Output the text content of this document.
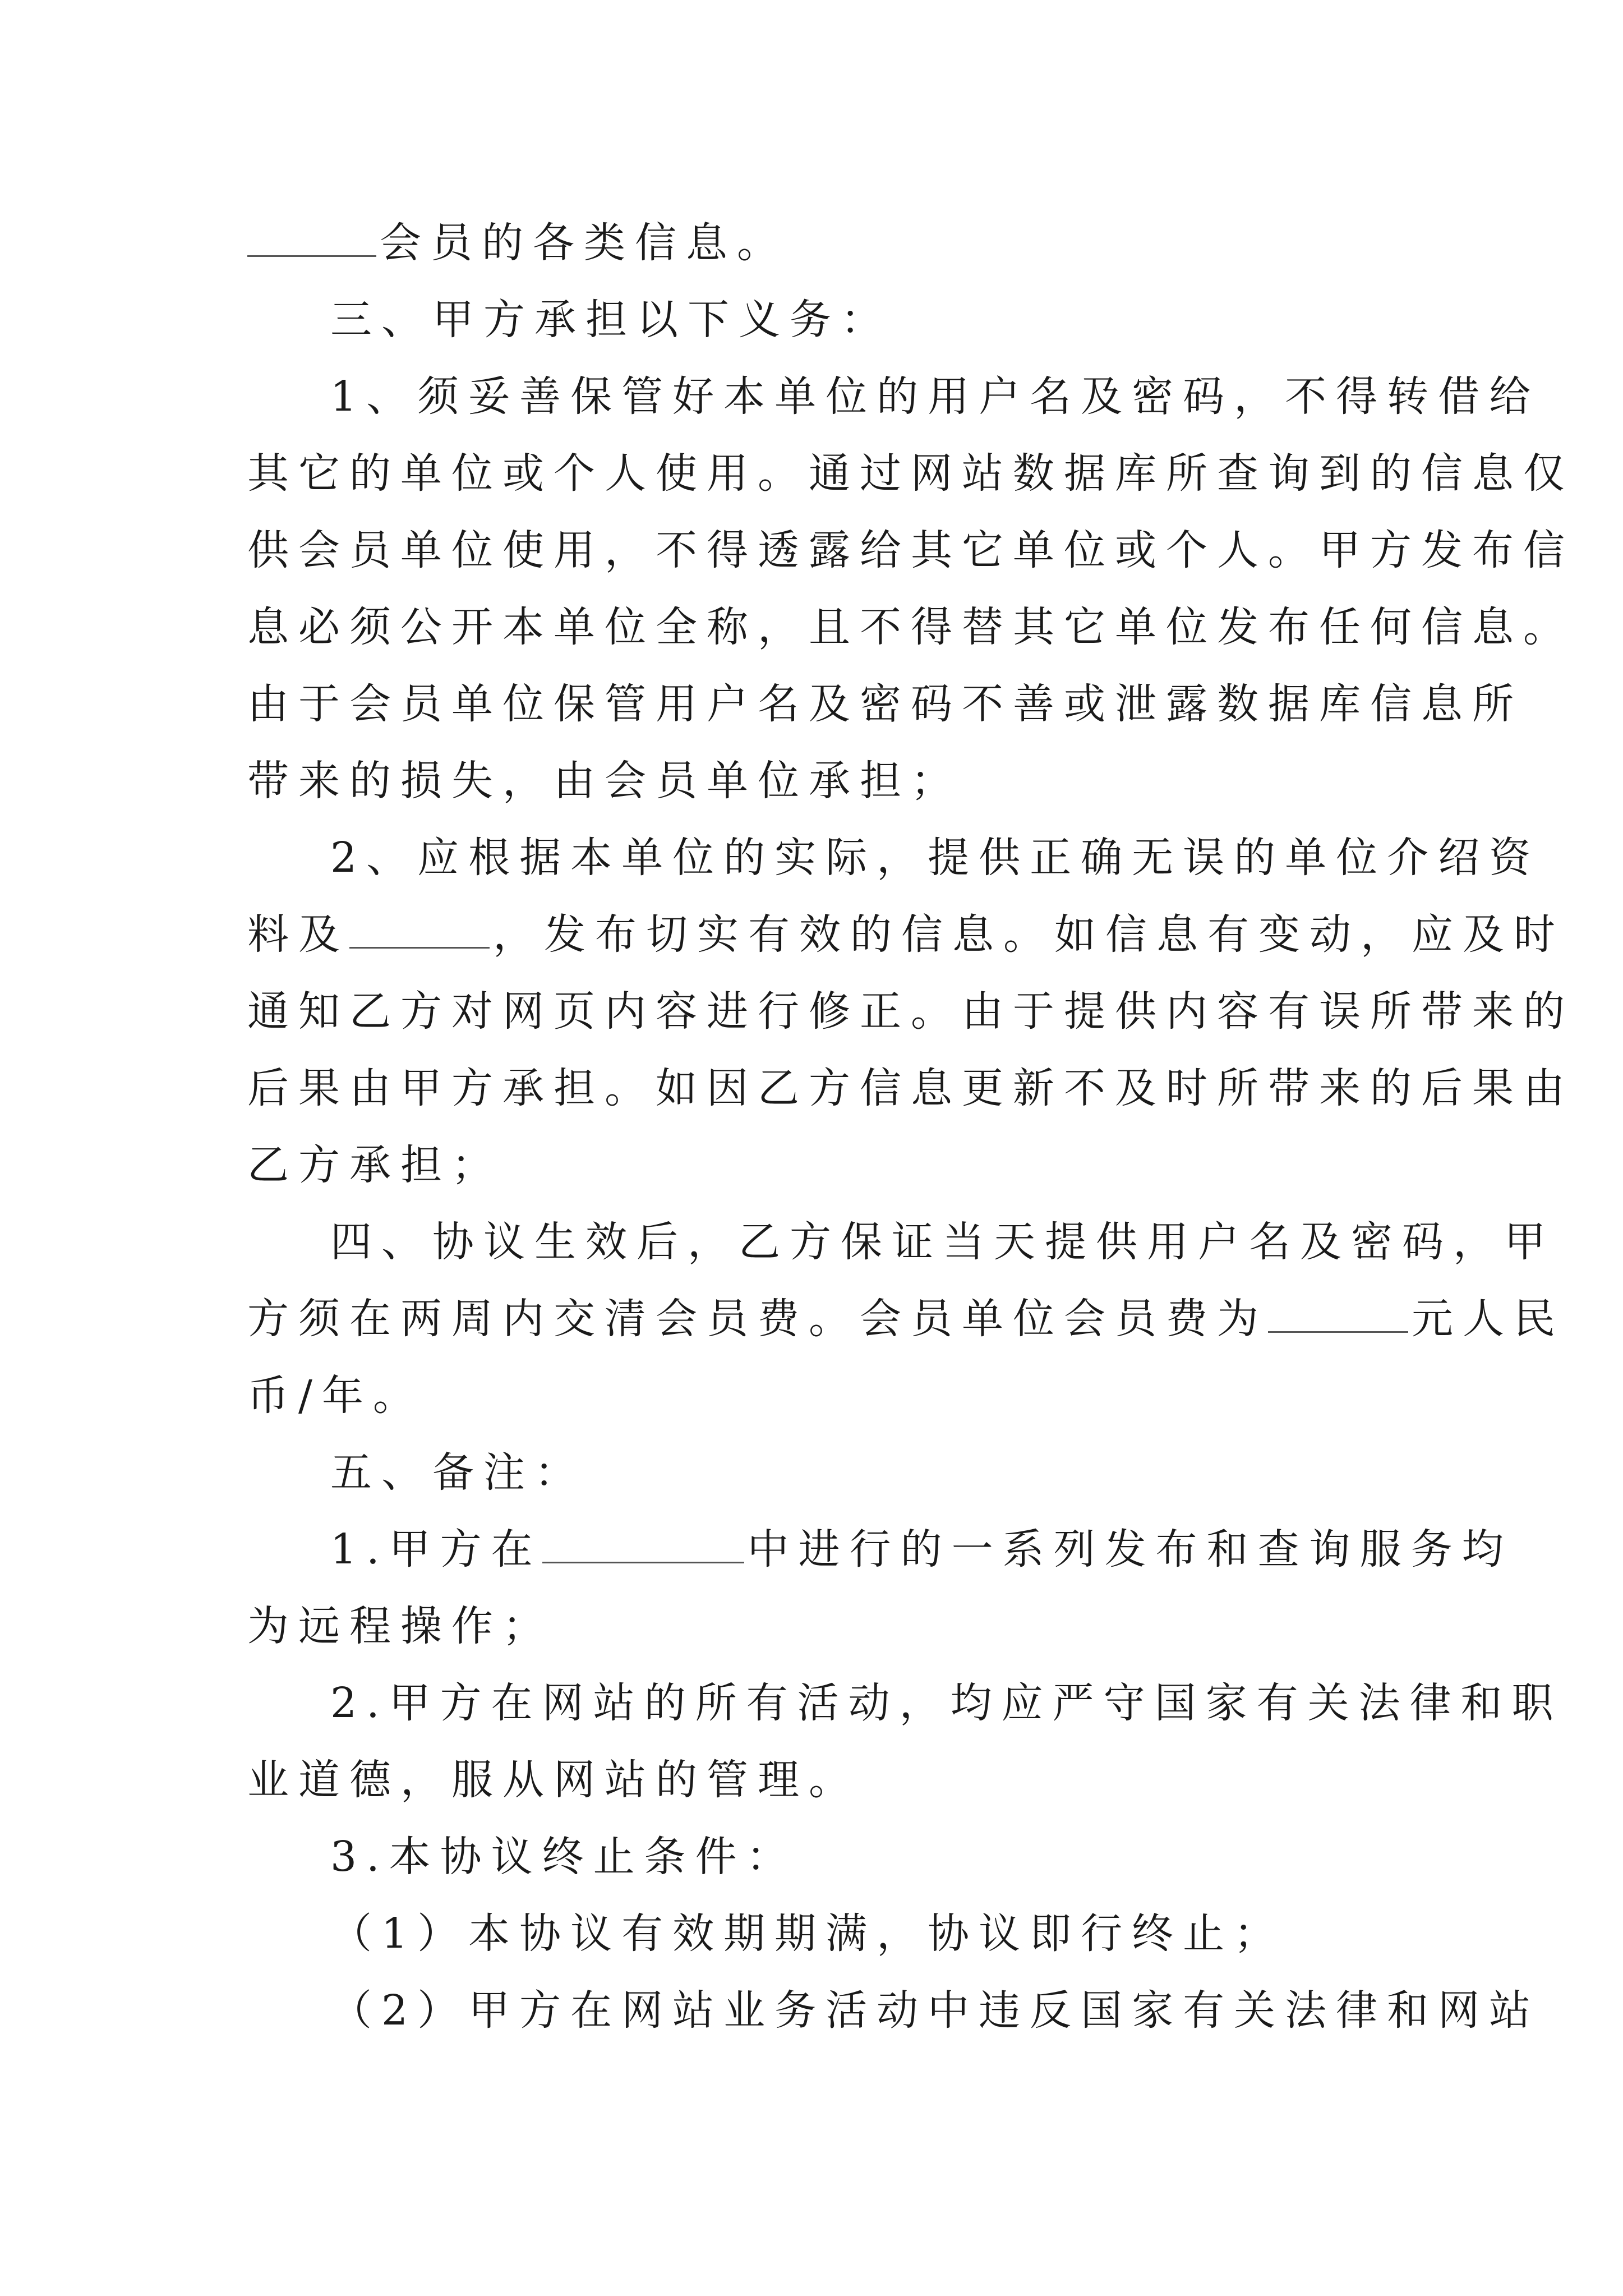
会员的各类信息。
三、甲方承担以下义务：
1、须妥善保管好本单位的用户名及密码，不得转借给
其它的单位或个人使用。通过网站数据库所查询到的信息仅
供会员单位使用，不得透露给其它单位或个人。甲方发布信
息必须公开本单位全称，且不得替其它单位发布任何信息。
由于会员单位保管用户名及密码不善或泄露数据库信息所
带来的损失，由会员单位承担；
2、应根据本单位的实际，提供正确无误的单位介绍资
料及	，发布切实有效的信息。如信息有变动，应及时
通知乙方对网页内容进行修正。由于提供内容有误所带来的
后果由甲方承担。如因乙方信息更新不及时所带来的后果由
乙方承担；
四、协议生效后，乙方保证当天提供用户名及密码，甲
方须在两周内交清会员费。会员单位会员费为	元人民
币/年。
五、备注：
1.甲方在	中进行的一系列发布和查询服务均
为远程操作；
2.甲方在网站的所有活动，均应严守国家有关法律和职
业道德，服从网站的管理。
3.本协议终止条件：
（1）本协议有效期期满，协议即行终止；
（2）甲方在网站业务活动中违反国家有关法律和网站
